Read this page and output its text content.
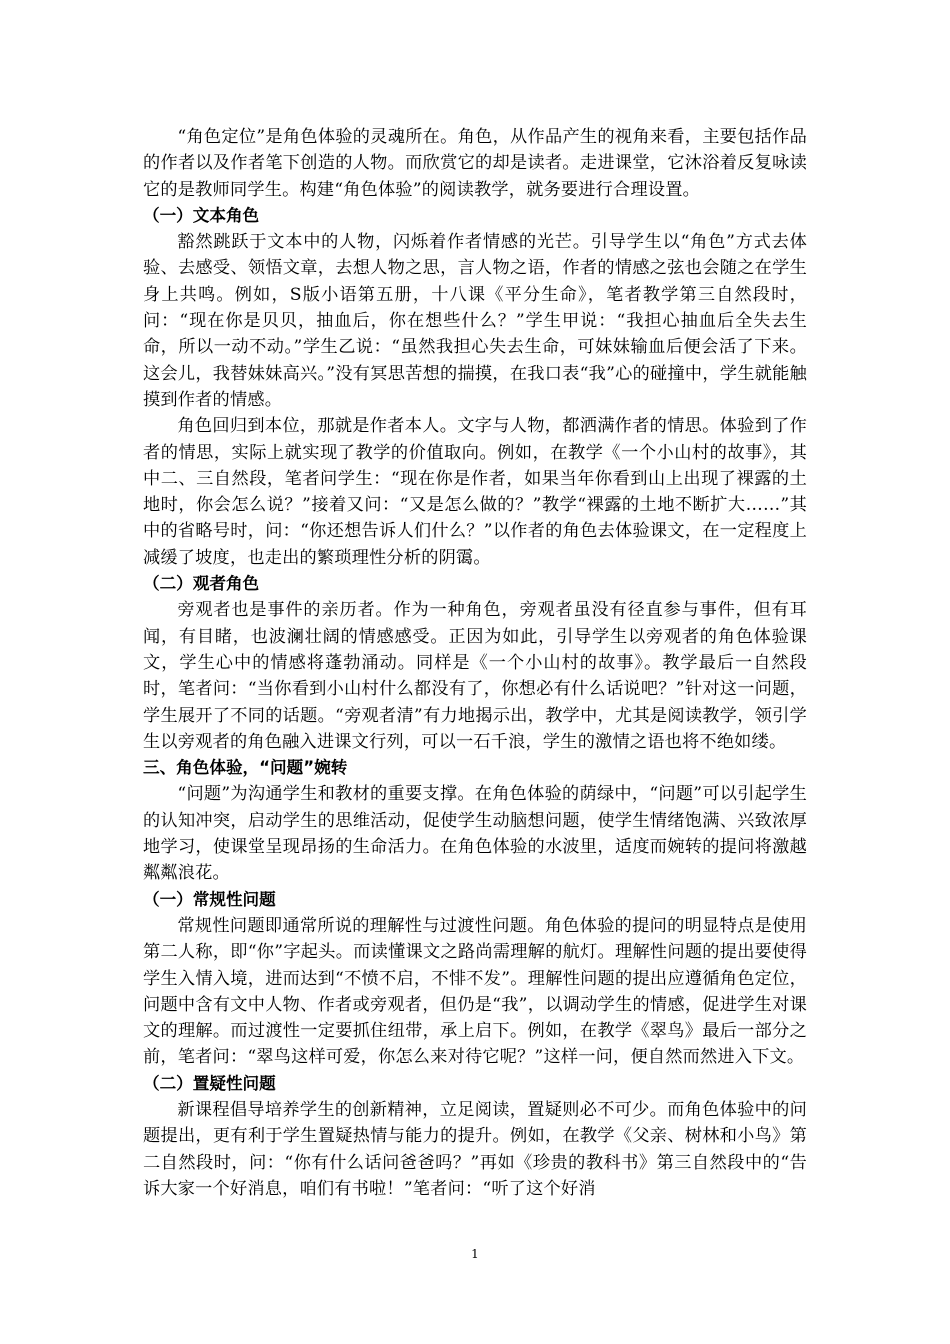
“角色定位”是角色体验的灵魂所在。角色，从作品产生的视角来看，主要包括作品的作者以及作者笔下创造的人物。而欣赏它的却是读者。走进课堂，它沐浴着反复咏读它的是教师同学生。构建“角色体验”的阅读教学，就务要进行合理设置。

（一）文本角色

豁然跳跃于文本中的人物，闪烁着作者情感的光芒。引导学生以“角色”方式去体验、去感受、领悟文章，去想人物之思，言人物之语，作者的情感之弦也会随之在学生身上共鸣。例如，S版小语第五册，十八课《平分生命》，笔者教学第三自然段时，问：“现在你是贝贝，抽血后，你在想些什么？”学生甲说：“我担心抽血后全失去生命，所以一动不动。”学生乙说：“虽然我担心失去生命，可妹妹输血后便会活了下来。这会儿，我替妹妹高兴。”没有冥思苦想的揣摸，在我口表“我”心的碰撞中，学生就能触摸到作者的情感。

角色回归到本位，那就是作者本人。文字与人物，都洒满作者的情思。体验到了作者的情思，实际上就实现了教学的价值取向。例如，在教学《一个小山村的故事》，其中二、三自然段，笔者问学生：“现在你是作者，如果当年你看到山上出现了裸露的土地时，你会怎么说？”接着又问：“又是怎么做的？”教学“裸露的土地不断扩大……”其中的省略号时，问：“你还想告诉人们什么？”以作者的角色去体验课文，在一定程度上减缓了坡度，也走出的繁琐理性分析的阴霭。

（二）观者角色

旁观者也是事件的亲历者。作为一种角色，旁观者虽没有径直参与事件，但有耳闻，有目睹，也波澜壮阔的情感感受。正因为如此，引导学生以旁观者的角色体验课文，学生心中的情感将蓬勃涌动。同样是《一个小山村的故事》。教学最后一自然段时，笔者问：“当你看到小山村什么都没有了，你想必有什么话说吧？”针对这一问题，学生展开了不同的话题。“旁观者清”有力地揭示出，教学中，尤其是阅读教学，领引学生以旁观者的角色融入进课文行列，可以一石千浪，学生的激情之语也将不绝如缕。

三、角色体验，“问题”婉转

“问题”为沟通学生和教材的重要支撑。在角色体验的荫绿中，“问题”可以引起学生的认知冲突，启动学生的思维活动，促使学生动脑想问题，使学生情绪饱满、兴致浓厚地学习，使课堂呈现昂扬的生命活力。在角色体验的水波里，适度而婉转的提问将激越粼粼浪花。

（一）常规性问题

常规性问题即通常所说的理解性与过渡性问题。角色体验的提问的明显特点是使用第二人称，即“你”字起头。而读懂课文之路尚需理解的航灯。理解性问题的提出要使得学生入情入境，进而达到“不愤不启，不悱不发”。理解性问题的提出应遵循角色定位，问题中含有文中人物、作者或旁观者，但仍是“我”，以调动学生的情感，促进学生对课文的理解。而过渡性一定要抓住纽带，承上启下。例如，在教学《翠鸟》最后一部分之前，笔者问：“翠鸟这样可爱，你怎么来对待它呢？”这样一问，便自然而然进入下文。

（二）置疑性问题

新课程倡导培养学生的创新精神，立足阅读，置疑则必不可少。而角色体验中的问题提出，更有利于学生置疑热情与能力的提升。例如，在教学《父亲、树林和小鸟》第二自然段时，问：“你有什么话问爸爸吗？”再如《珍贵的教科书》第三自然段中的“告诉大家一个好消息，咱们有书啦！”笔者问：“听了这个好消

1
